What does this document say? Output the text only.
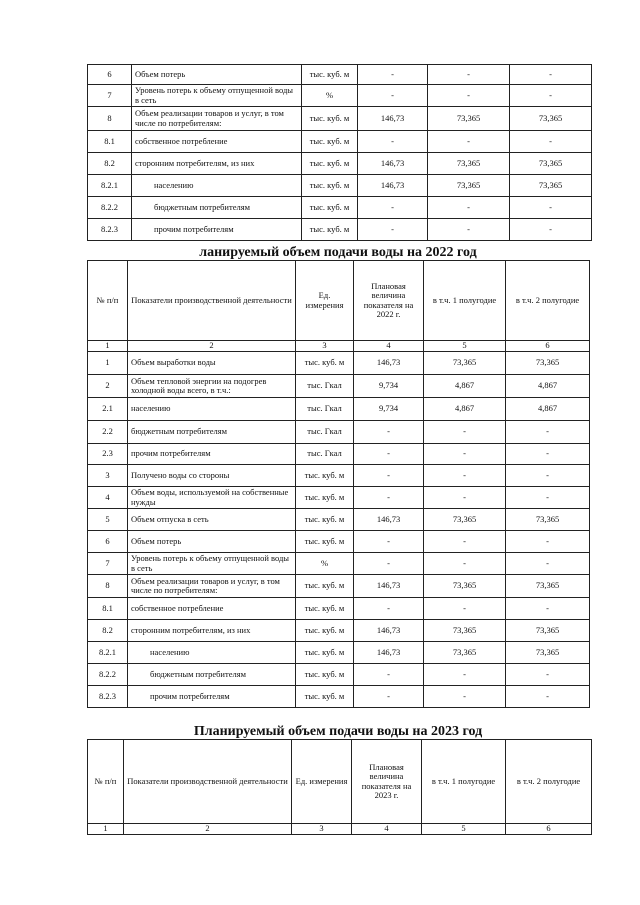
6	Объем потерь	тыс. куб. м	-	-	-
7	Уровень потерь к объему отпущенной воды в сеть	%	-	-	-
8	Объем реализации товаров и услуг, в том числе по потребителям:	тыс. куб. м	146,73	73,365	73,365
8.1	собственное потребление	тыс. куб. м	-	-	-
8.2	сторонним потребителям, из них	тыс. куб. м	146,73	73,365	73,365
8.2.1	населению	тыс. куб. м	146,73	73,365	73,365
8.2.2	бюджетным потребителям	тыс. куб. м	-	-	-
8.2.3	прочим потребителям	тыс. куб. м	-	-	-
ланируемый объем подачи воды на 2022 год
№ п/п	Показатели производственной деятельности	Ед. измерения	Плановая величина показателя на 2022 г.	в т.ч. 1 полугодие	в т.ч. 2 полугодие
1	2	3	4	5	6
1	Объем выработки воды	тыс. куб. м	146,73	73,365	73,365
2	Объем тепловой энергии на подогрев холодной воды всего, в т.ч.:	тыс. Гкал	9,734	4,867	4,867
2.1	населению	тыс. Гкал	9,734	4,867	4,867
2.2	бюджетным потребителям	тыс. Гкал	-	-	-
2.3	прочим потребителям	тыс. Гкал	-	-	-
3	Получено воды со стороны	тыс. куб. м	-	-	-
4	Объем воды, используемой на собственные нужды	тыс. куб. м	-	-	-
5	Объем отпуска в сеть	тыс. куб. м	146,73	73,365	73,365
6	Объем потерь	тыс. куб. м	-	-	-
7	Уровень потерь к объему отпущенной воды в сеть	%	-	-	-
8	Объем реализации товаров и услуг, в том числе по потребителям:	тыс. куб. м	146,73	73,365	73,365
8.1	собственное потребление	тыс. куб. м	-	-	-
8.2	сторонним потребителям, из них	тыс. куб. м	146,73	73,365	73,365
8.2.1	населению	тыс. куб. м	146,73	73,365	73,365
8.2.2	бюджетным потребителям	тыс. куб. м	-	-	-
8.2.3	прочим потребителям	тыс. куб. м	-	-	-
Планируемый объем подачи воды на 2023 год
№ п/п	Показатели производственной деятельности	Ед. измерения	Плановая величина показателя на 2023 г.	в т.ч. 1 полугодие	в т.ч. 2 полугодие
1	2	3	4	5	6
